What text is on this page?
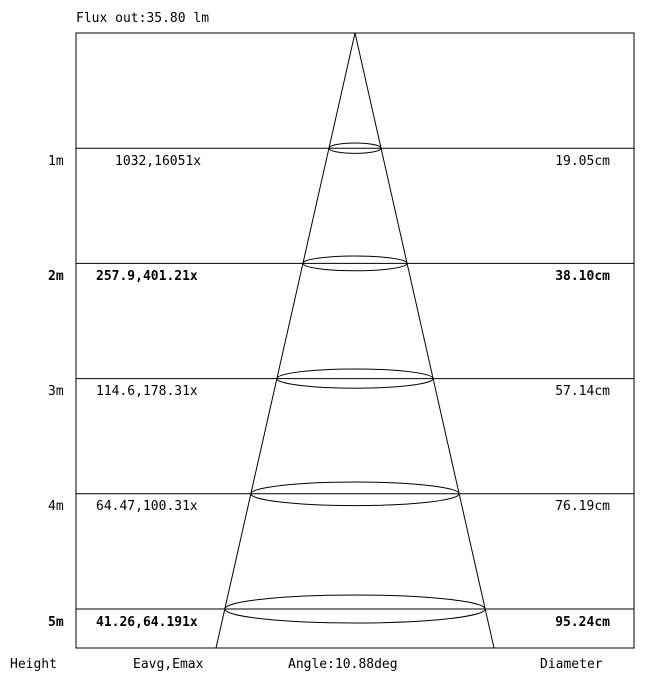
Flux out:35.80 lm
1m	1032,16051x	19.05cm
2m	257.9,401.21x	38.10cm
3m	114.6,178.31x	57.14cm
4m	64.47,100.31x	76.19cm
5m	41.26,64.191x	95.24cm
Height	Eavg,Emax	Angle:10.88deg	Diameter
